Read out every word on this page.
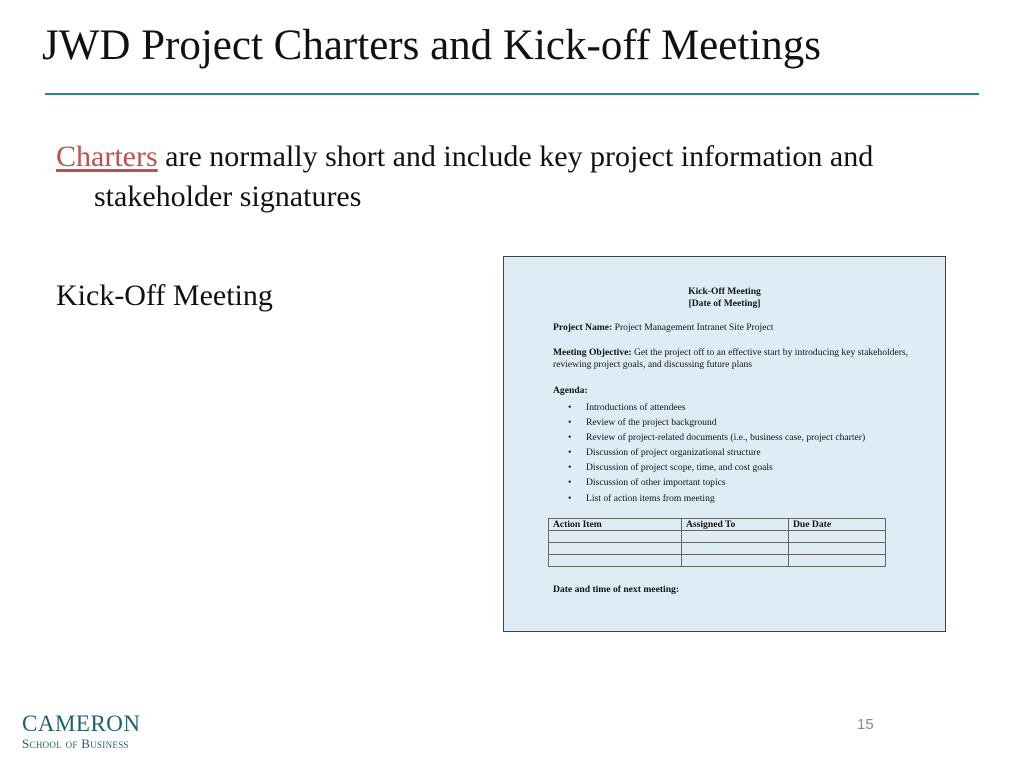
JWD Project Charters and Kick-off Meetings
Charters are normally short and include key project information and stakeholder signatures
Kick-Off Meeting	Kick-Off Meeting
[Date of Meeting]
Project Name: Project Management Intranet Site Project
Meeting Objective: Get the project off to an effective start by introducing key stakeholders, reviewing project goals, and discussing future plans
Agenda:
• Introductions of attendees
• Review of the project background
• Review of project-related documents (i.e., business case, project charter)
• Discussion of project organizational structure
• Discussion of project scope, time, and cost goals
• Discussion of other important topics
• List of action items from meeting
Action Item	Assigned To	Due Date

Date and time of next meeting:
CAMERON
School of Business
15
